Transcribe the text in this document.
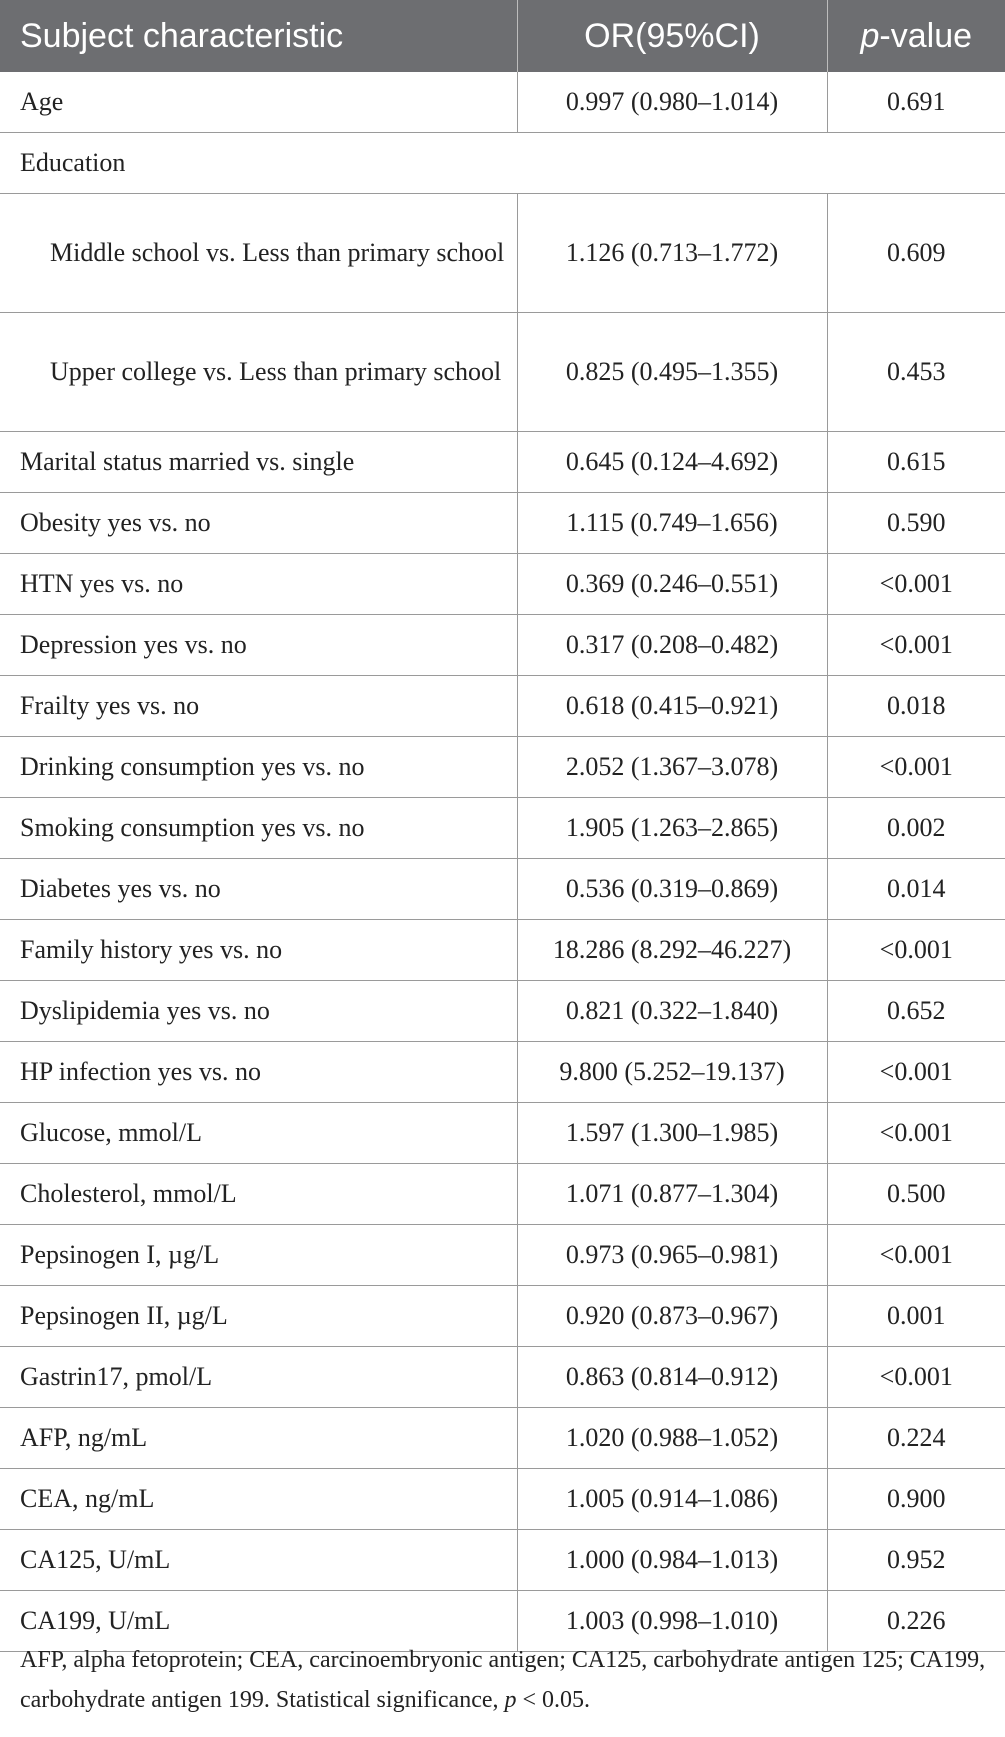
Subject characteristic	OR(95%CI)	p-value
Age	0.997 (0.980–1.014)	0.691
Education		
Middle school vs. Less than primary school	1.126 (0.713–1.772)	0.609
Upper college vs. Less than primary school	0.825 (0.495–1.355)	0.453
Marital status married vs. single	0.645 (0.124–4.692)	0.615
Obesity yes vs. no	1.115 (0.749–1.656)	0.590
HTN yes vs. no	0.369 (0.246–0.551)	<0.001
Depression yes vs. no	0.317 (0.208–0.482)	<0.001
Frailty yes vs. no	0.618 (0.415–0.921)	0.018
Drinking consumption yes vs. no	2.052 (1.367–3.078)	<0.001
Smoking consumption yes vs. no	1.905 (1.263–2.865)	0.002
Diabetes yes vs. no	0.536 (0.319–0.869)	0.014
Family history yes vs. no	18.286 (8.292–46.227)	<0.001
Dyslipidemia yes vs. no	0.821 (0.322–1.840)	0.652
HP infection yes vs. no	9.800 (5.252–19.137)	<0.001
Glucose, mmol/L	1.597 (1.300–1.985)	<0.001
Cholesterol, mmol/L	1.071 (0.877–1.304)	0.500
Pepsinogen I, µg/L	0.973 (0.965–0.981)	<0.001
Pepsinogen II, µg/L	0.920 (0.873–0.967)	0.001
Gastrin17, pmol/L	0.863 (0.814–0.912)	<0.001
AFP, ng/mL	1.020 (0.988–1.052)	0.224
CEA, ng/mL	1.005 (0.914–1.086)	0.900
CA125, U/mL	1.000 (0.984–1.013)	0.952
CA199, U/mL	1.003 (0.998–1.010)	0.226
AFP, alpha fetoprotein; CEA, carcinoembryonic antigen; CA125, carbohydrate antigen 125; CA199, carbohydrate antigen 199. Statistical significance, p < 0.05.
